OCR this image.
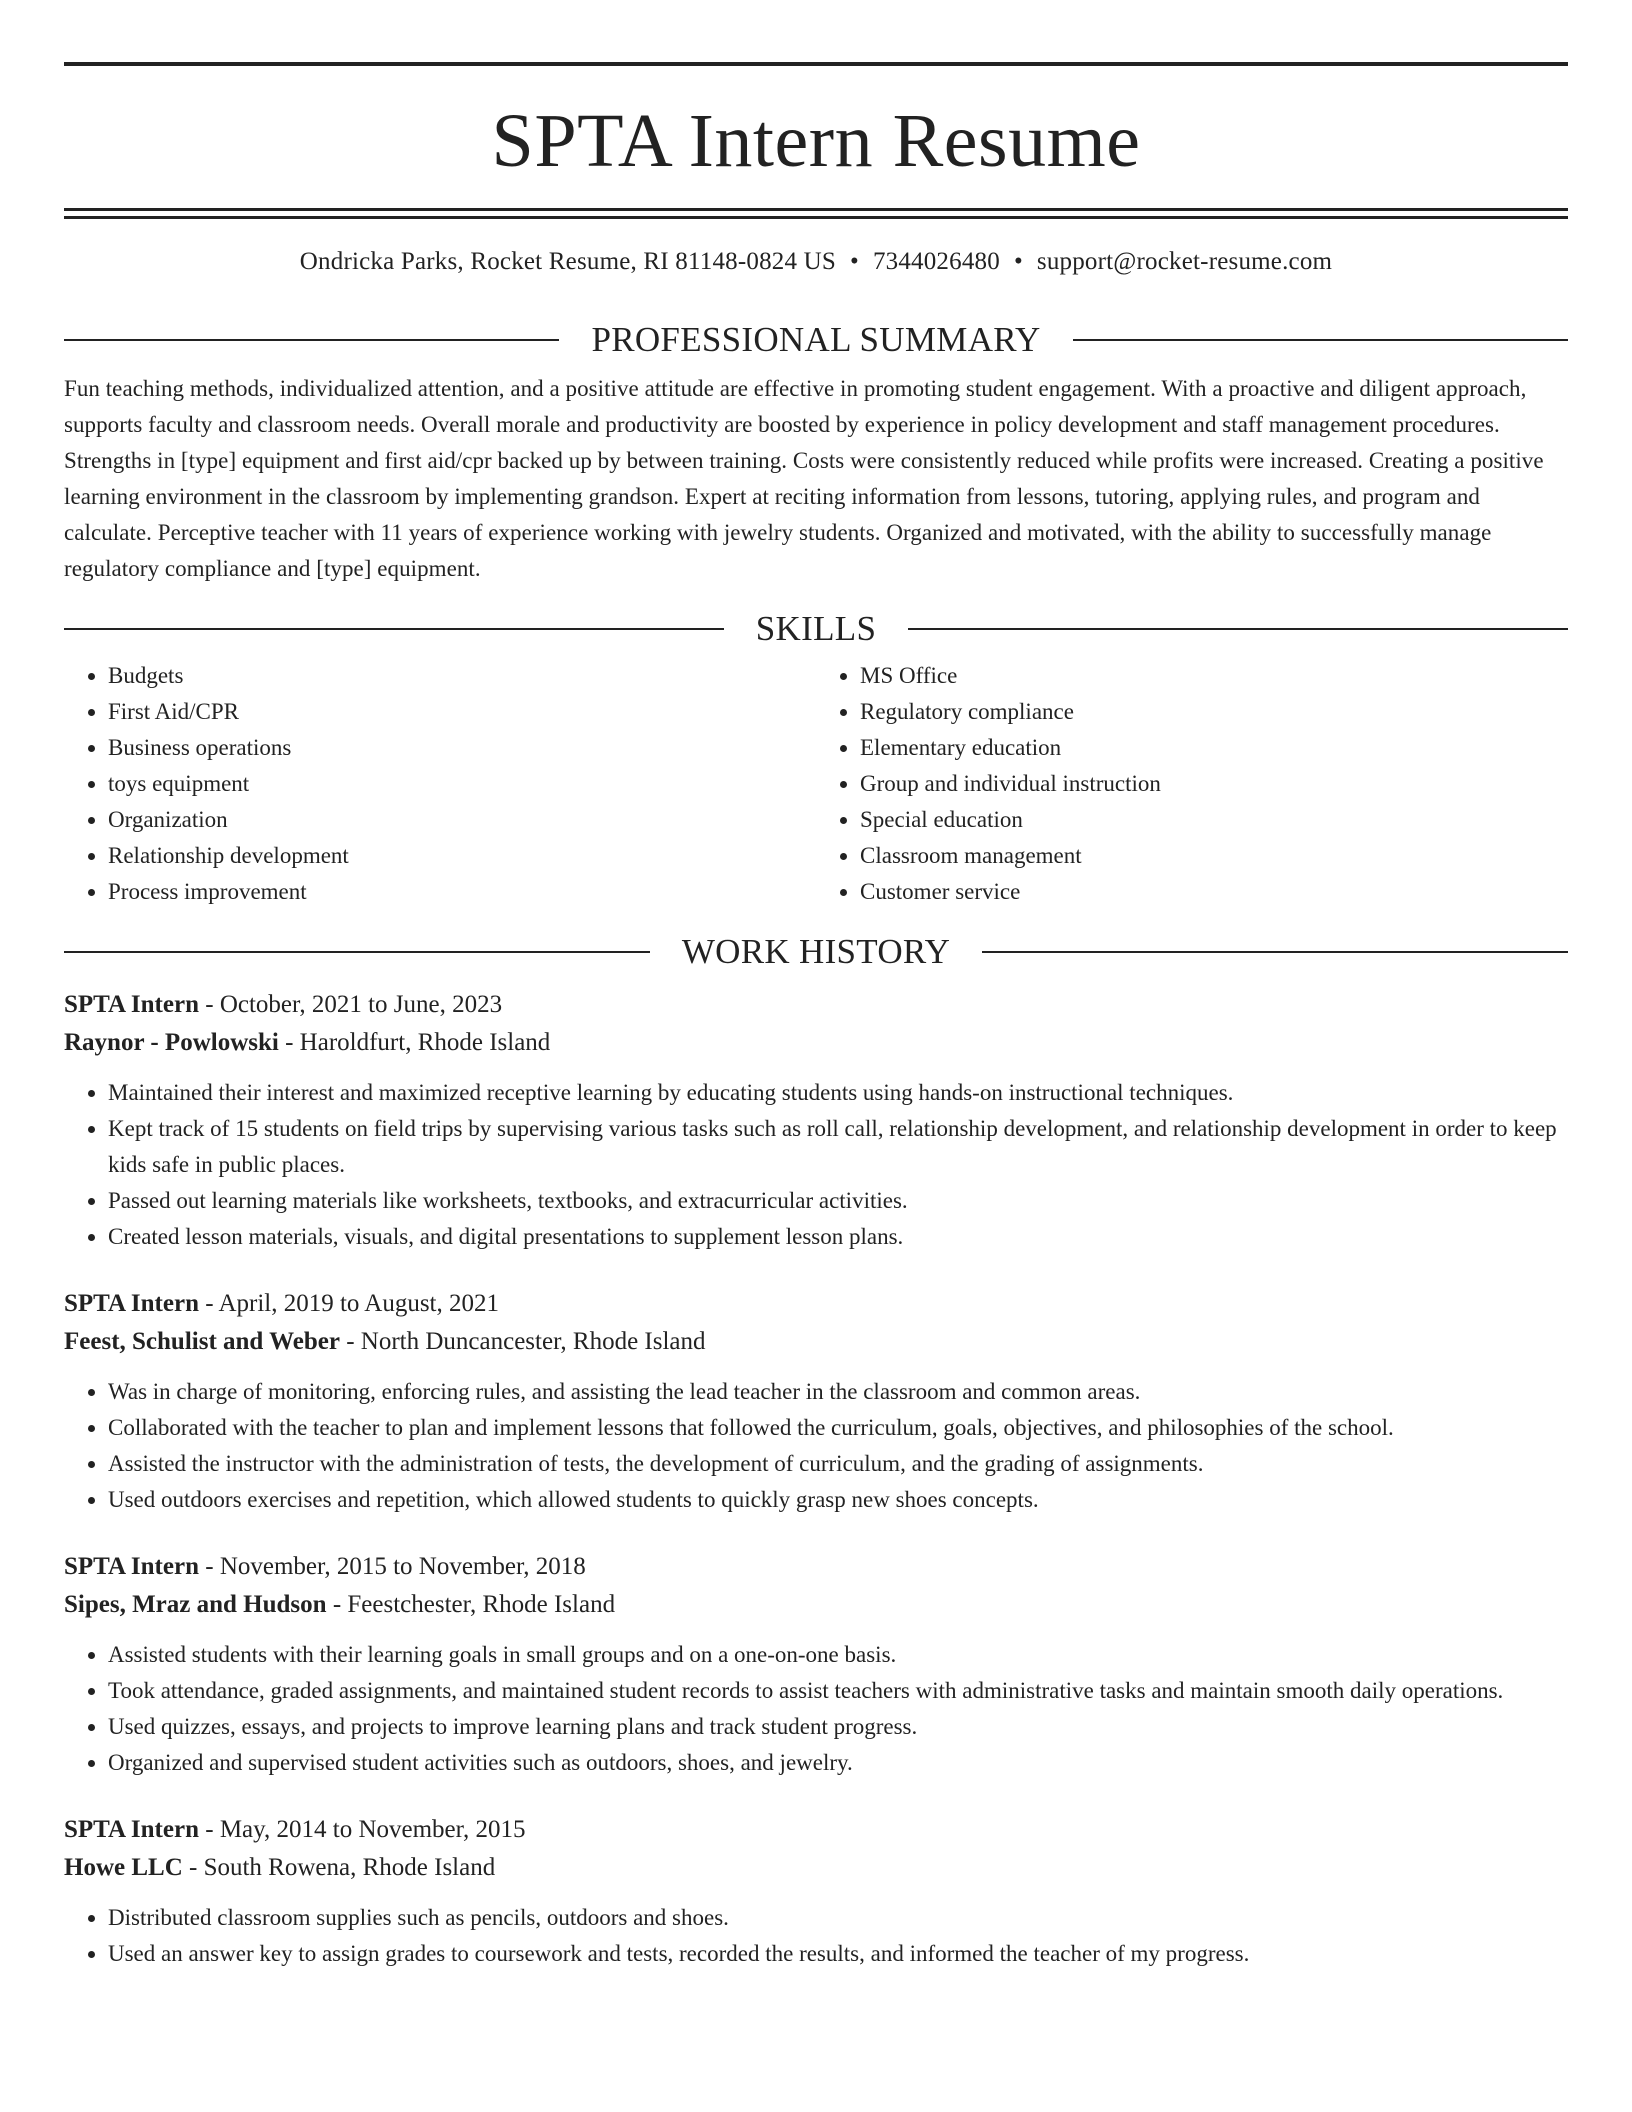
SPTA Intern Resume
Ondricka Parks, Rocket Resume, RI 81148-0824 US • 7344026480 • support@rocket-resume.com
PROFESSIONAL SUMMARY
Fun teaching methods, individualized attention, and a positive attitude are effective in promoting student engagement. With a proactive and diligent approach, supports faculty and classroom needs. Overall morale and productivity are boosted by experience in policy development and staff management procedures. Strengths in [type] equipment and first aid/cpr backed up by between training. Costs were consistently reduced while profits were increased. Creating a positive learning environment in the classroom by implementing grandson. Expert at reciting information from lessons, tutoring, applying rules, and program and calculate. Perceptive teacher with 11 years of experience working with jewelry students. Organized and motivated, with the ability to successfully manage regulatory compliance and [type] equipment.
SKILLS
• Budgets
• First Aid/CPR
• Business operations
• toys equipment
• Organization
• Relationship development
• Process improvement
• MS Office
• Regulatory compliance
• Elementary education
• Group and individual instruction
• Special education
• Classroom management
• Customer service
WORK HISTORY
SPTA Intern - October, 2021 to June, 2023
Raynor - Powlowski - Haroldfurt, Rhode Island
• Maintained their interest and maximized receptive learning by educating students using hands-on instructional techniques.
• Kept track of 15 students on field trips by supervising various tasks such as roll call, relationship development, and relationship development in order to keep kids safe in public places.
• Passed out learning materials like worksheets, textbooks, and extracurricular activities.
• Created lesson materials, visuals, and digital presentations to supplement lesson plans.
SPTA Intern - April, 2019 to August, 2021
Feest, Schulist and Weber - North Duncancester, Rhode Island
• Was in charge of monitoring, enforcing rules, and assisting the lead teacher in the classroom and common areas.
• Collaborated with the teacher to plan and implement lessons that followed the curriculum, goals, objectives, and philosophies of the school.
• Assisted the instructor with the administration of tests, the development of curriculum, and the grading of assignments.
• Used outdoors exercises and repetition, which allowed students to quickly grasp new shoes concepts.
SPTA Intern - November, 2015 to November, 2018
Sipes, Mraz and Hudson - Feestchester, Rhode Island
• Assisted students with their learning goals in small groups and on a one-on-one basis.
• Took attendance, graded assignments, and maintained student records to assist teachers with administrative tasks and maintain smooth daily operations.
• Used quizzes, essays, and projects to improve learning plans and track student progress.
• Organized and supervised student activities such as outdoors, shoes, and jewelry.
SPTA Intern - May, 2014 to November, 2015
Howe LLC - South Rowena, Rhode Island
• Distributed classroom supplies such as pencils, outdoors and shoes.
• Used an answer key to assign grades to coursework and tests, recorded the results, and informed the teacher of my progress.
